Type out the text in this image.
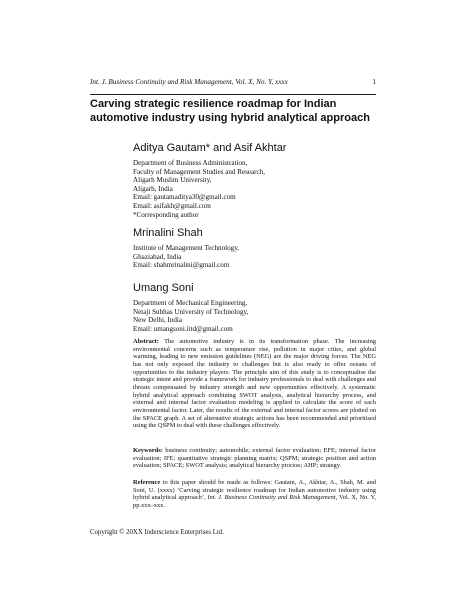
Int. J. Business Continuity and Risk Management, Vol. X, No. Y, xxxx	1
Carving strategic resilience roadmap for Indian
automotive industry using hybrid analytical approach
Aditya Gautam* and Asif Akhtar
Department of Business Administration,
Faculty of Management Studies and Research,
Aligarh Muslim University,
Aligarh, India
Email: gautamaditya30@gmail.com
Email: asifakh@gmail.com
*Corresponding author
Mrinalini Shah
Institute of Management Technology,
Ghaziabad, India
Email: shahmrinalini@gmail.com
Umang Soni
Department of Mechanical Engineering,
Netaji Subhas University of Technology,
New Delhi, India
Email: umangsoni.iitd@gmail.com
Abstract: The automotive industry is in its transformation phase. The increasing environmental concerns such as temperature rise, pollution in major cities, and global warming, leading to new emission guidelines (NEG) are the major driving forces. The NEG has not only exposed the industry to challenges but is also ready to offer oceans of opportunities to the industry players. The principle aim of this study is to conceptualise the strategic intent and provide a framework for industry professionals to deal with challenges and threats compensated by industry strength and new opportunities effectively. A systematic hybrid analytical approach combining SWOT analysis, analytical hierarchy process, and external and internal factor evaluation modeling is applied to calculate the score of each environmental factor. Later, the results of the external and internal factor scores are plotted on the SPACE graph. A set of alternative strategic actions has been recommended and prioritised using the QSPM to deal with these challenges effectively.
Keywords: business continuity; automobile; external factor evaluation; EFE; internal factor evaluation; IFE; quantitative strategic planning matrix; QSPM; strategic position and action evaluation; SPACE; SWOT analysis; analytical hierarchy process; AHP; strategy.
Reference to this paper should be made as follows: Gautam, A., Akhtar, A., Shah, M. and Soni, U. (xxxx) ‘Carving strategic resilience roadmap for Indian automotive industry using hybrid analytical approach’, Int. J. Business Continuity and Risk Management, Vol. X, No. Y, pp.xxx–xxx.
Copyright © 20XX Inderscience Enterprises Ltd.
